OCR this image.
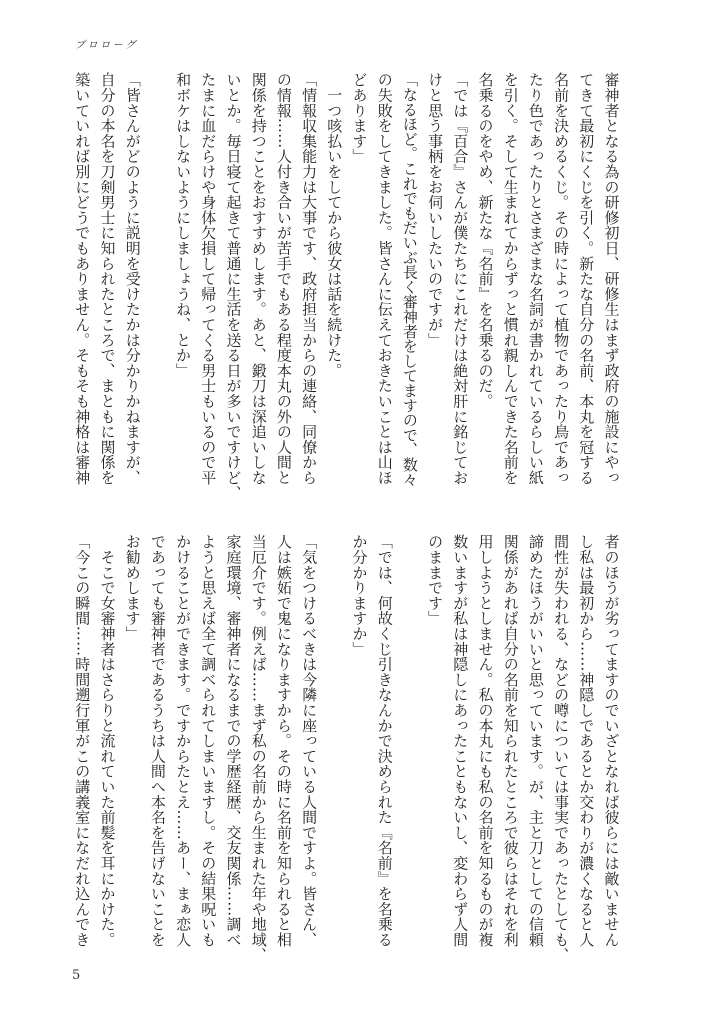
プロローグ
審神者となる為の研修初日、研修生はまず政府の施設にやっ
てきて最初にくじを引く。新たな自分の名前、本丸を冠する
名前を決めるくじ。その時によって植物であったり鳥であっ
たり色であったりとさまざまな名詞が書かれているらしい紙
を引く。そして生まれてからずっと慣れ親しんできた名前を
名乗るのをやめ、新たな『名前』を名乗るのだ。
「では『百合』さんが僕たちにこれだけは絶対肝に銘じてお
けと思う事柄をお伺いしたいのですが」
「なるほど。これでもだいぶ長く審神者をしてますので、数々
の失敗をしてきました。皆さんに伝えておきたいことは山ほ
どあります」
　一つ咳払いをしてから彼女は話を続けた。
「情報収集能力は大事です、政府担当からの連絡、同僚から
の情報……人付き合いが苦手でもある程度本丸の外の人間と
関係を持つことをおすすめします。あと、鍛刀は深追いしな
いとか。毎日寝て起きて普通に生活を送る日が多いですけど、
たまに血だらけや身体欠損して帰ってくる男士もいるので平
和ボケはしないようにしましょうね、とか」
「皆さんがどのように説明を受けたかは分かりかねますが、
自分の本名を刀剣男士に知られたところで、まともに関係を
築いていれば別にどうでもありません。そもそも神格は審神
者のほうが劣ってますのでいざとなれば彼らには敵いません
し私は最初から……神隠しであるとか交わりが濃くなると人
間性が失われる、などの噂については事実であったとしても、
諦めたほうがいいと思っています。が、主と刀としての信頼
関係があれば自分の名前を知られたところで彼らはそれを利
用しようとしません。私の本丸にも私の名前を知るものが複
数いますが私は神隠しにあったこともないし、変わらず人間
のままです」
「では、何故くじ引きなんかで決められた『名前』を名乗る
か分かりますか」
「気をつけるべきは今隣に座っている人間ですよ。皆さん、
人は嫉妬で鬼になりますから。その時に名前を知られると相
当厄介です。例えば……まず私の名前から生まれた年や地域、
家庭環境、審神者になるまでの学歴経歴、交友関係……調べ
ようと思えば全て調べられてしまいますし。その結果呪いも
かけることができます。ですからたとえ……あー、まぁ恋人
であっても審神者であるうちは人間へ本名を告げないことを
お勧めします」
　そこで女審神者はさらりと流れていた前髪を耳にかけた。
「今この瞬間……時間遡行軍がこの講義室になだれ込んでき
5
